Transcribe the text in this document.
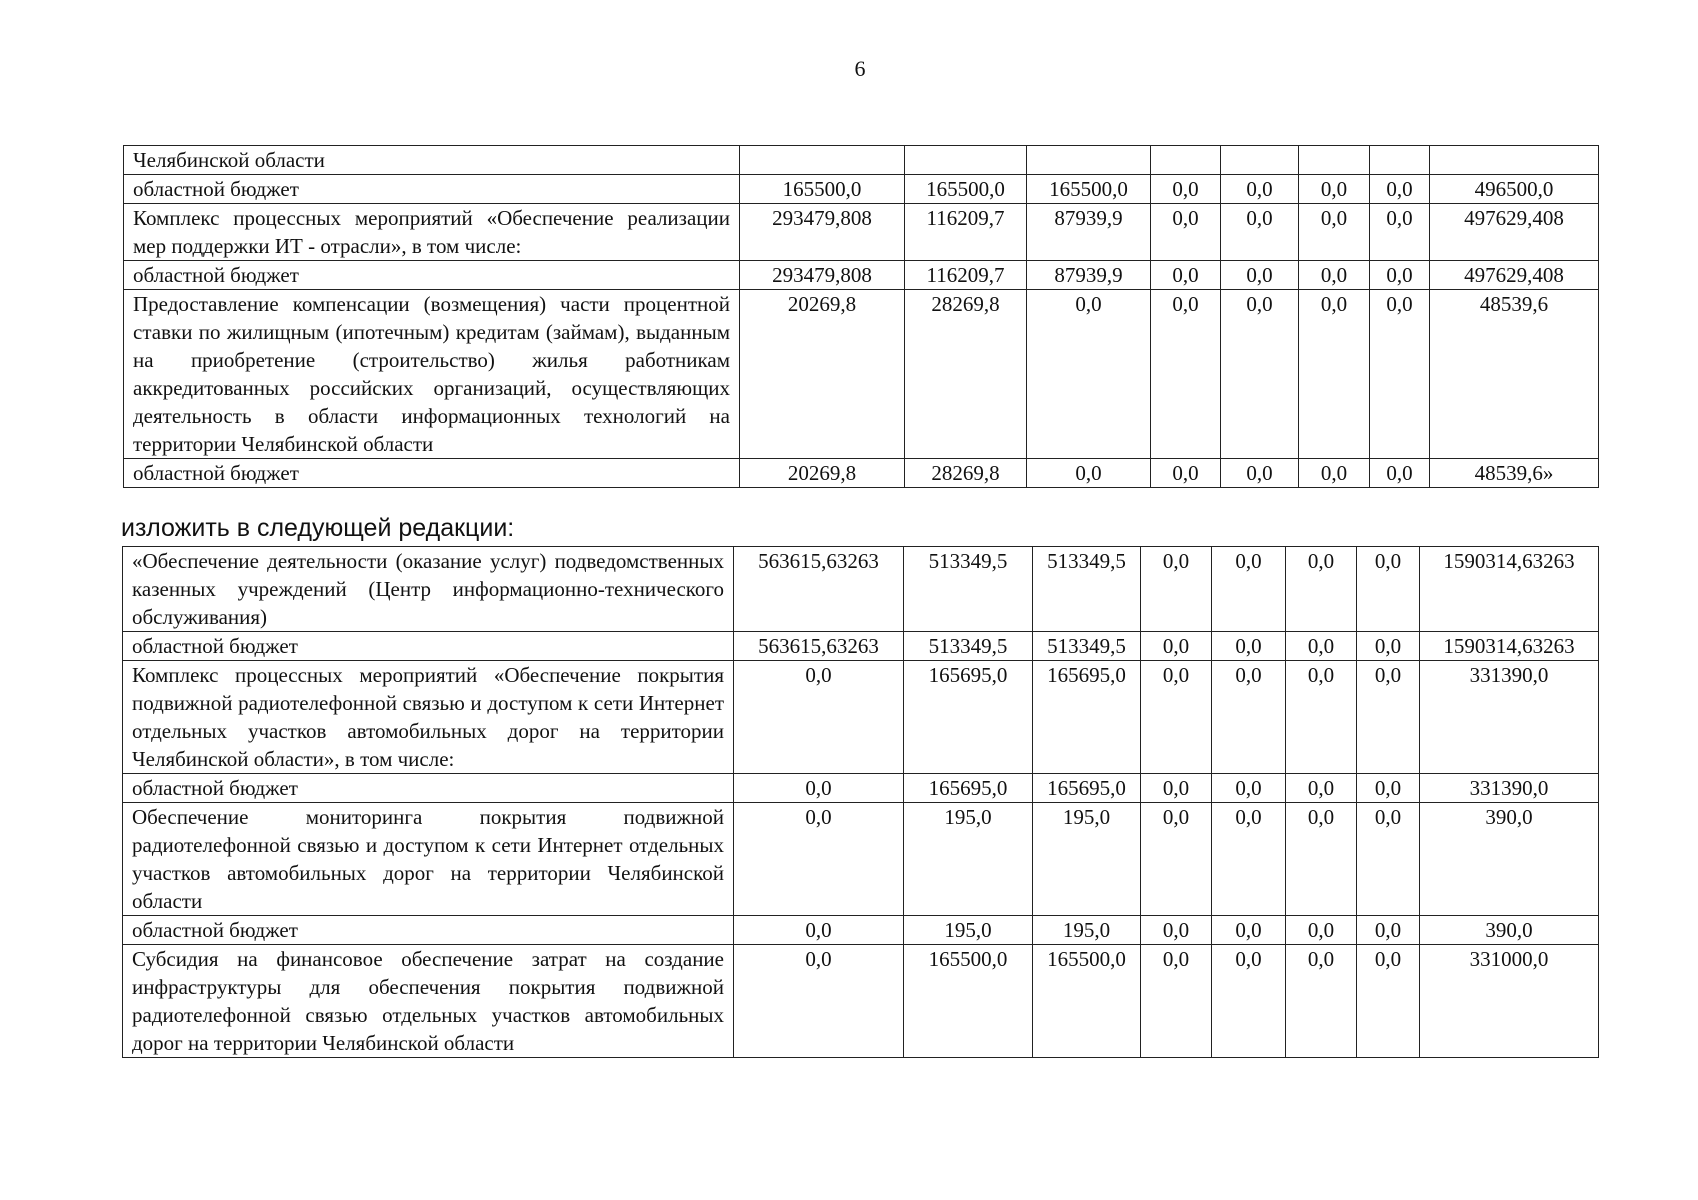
6
Челябинской области								
областной бюджет	165500,0	165500,0	165500,0	0,0	0,0	0,0	0,0	496500,0
Комплекс процессных мероприятий «Обеспечение реализации мер поддержки ИТ - отрасли», в том числе:	293479,808	116209,7	87939,9	0,0	0,0	0,0	0,0	497629,408
областной бюджет	293479,808	116209,7	87939,9	0,0	0,0	0,0	0,0	497629,408
Предоставление компенсации (возмещения) части процентной ставки по жилищным (ипотечным) кредитам (займам), выданным на приобретение (строительство) жилья работникам аккредитованных российских организаций, осуществляющих деятельность в области информационных технологий на территории Челябинской области	20269,8	28269,8	0,0	0,0	0,0	0,0	0,0	48539,6
областной бюджет	20269,8	28269,8	0,0	0,0	0,0	0,0	0,0	48539,6»
изложить в следующей редакции:
«Обеспечение деятельности (оказание услуг) подведомственных казенных учреждений (Центр информационно-технического обслуживания)	563615,63263	513349,5	513349,5	0,0	0,0	0,0	0,0	1590314,63263
областной бюджет	563615,63263	513349,5	513349,5	0,0	0,0	0,0	0,0	1590314,63263
Комплекс процессных мероприятий «Обеспечение покрытия подвижной радиотелефонной связью и доступом к сети Интернет отдельных участков автомобильных дорог на территории Челябинской области», в том числе:	0,0	165695,0	165695,0	0,0	0,0	0,0	0,0	331390,0
областной бюджет	0,0	165695,0	165695,0	0,0	0,0	0,0	0,0	331390,0
Обеспечение мониторинга покрытия подвижной радиотелефонной связью и доступом к сети Интернет отдельных участков автомобильных дорог на территории Челябинской области	0,0	195,0	195,0	0,0	0,0	0,0	0,0	390,0
областной бюджет	0,0	195,0	195,0	0,0	0,0	0,0	0,0	390,0
Субсидия на финансовое обеспечение затрат на создание инфраструктуры для обеспечения покрытия подвижной радиотелефонной связью отдельных участков автомобильных дорог на территории Челябинской области	0,0	165500,0	165500,0	0,0	0,0	0,0	0,0	331000,0
